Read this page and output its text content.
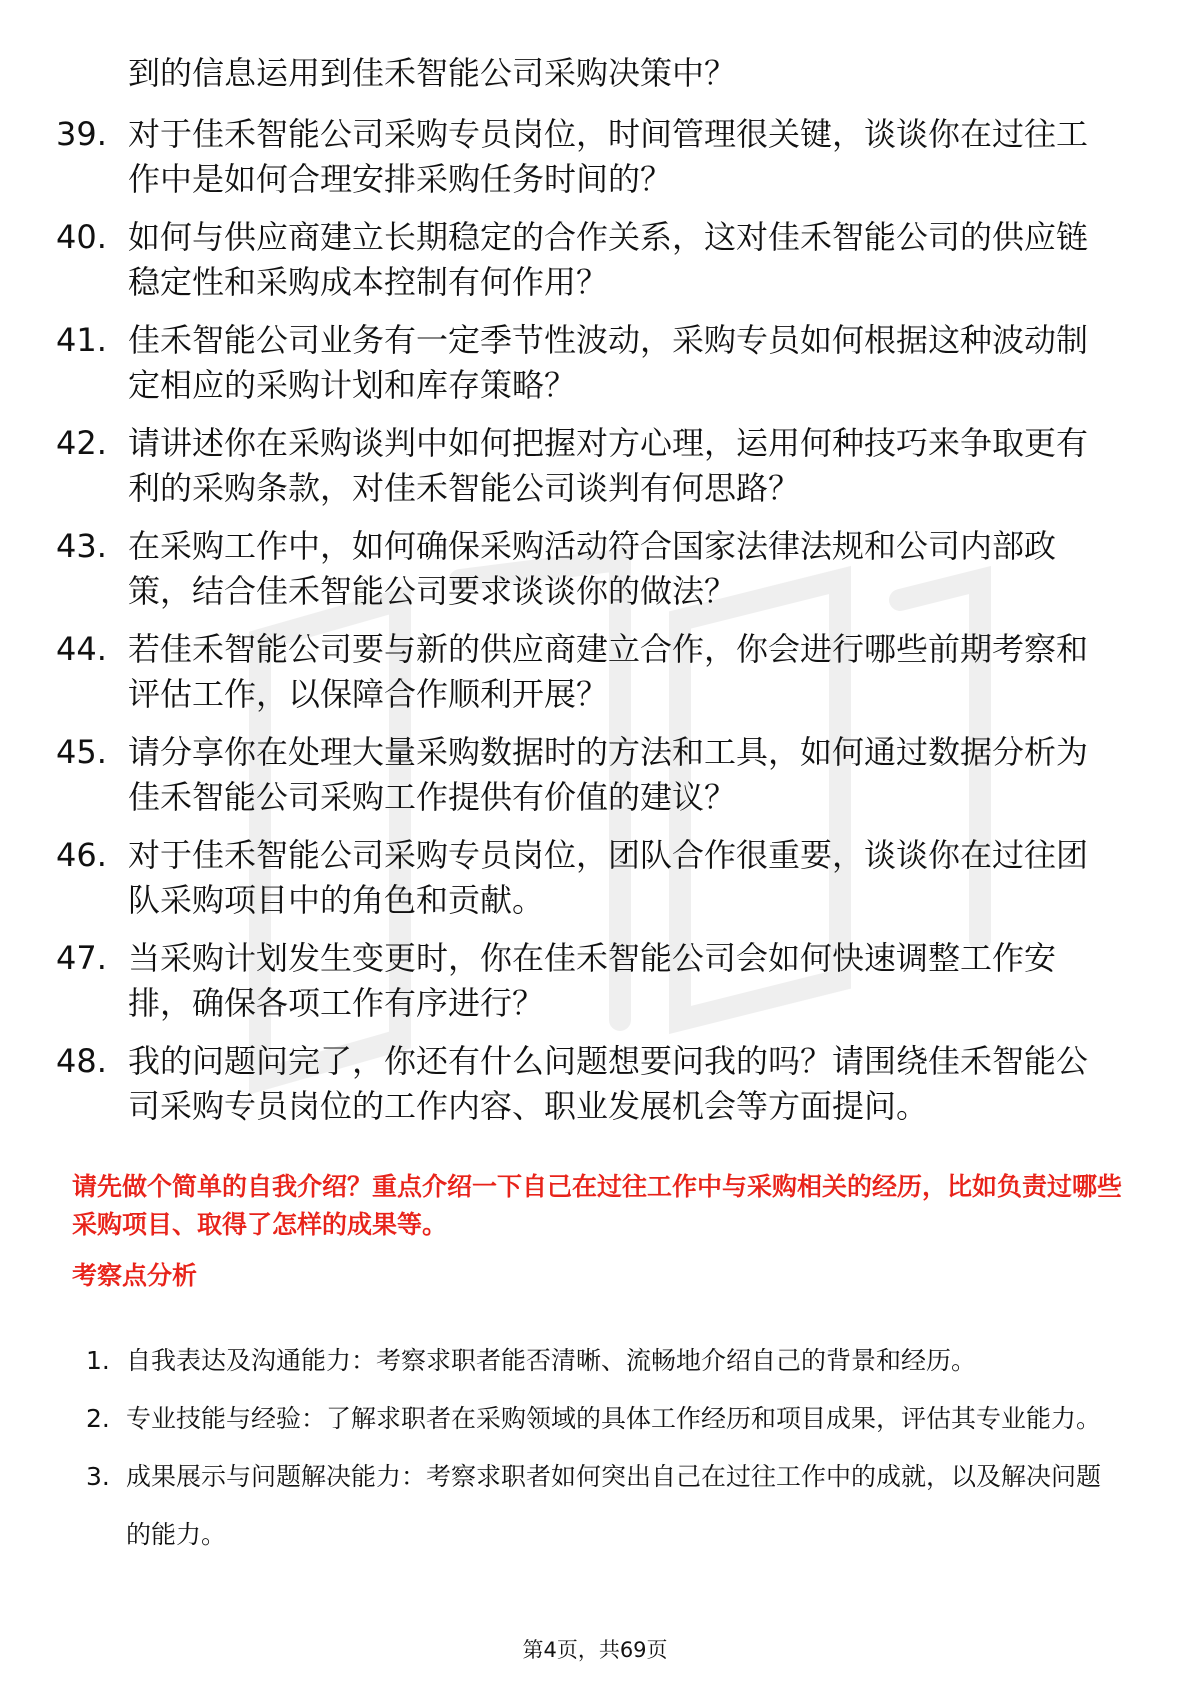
到的信息运用到佳禾智能公司采购决策中？
39. 对于佳禾智能公司采购专员岗位，时间管理很关键，谈谈你在过往工作中是如何合理安排采购任务时间的？
40. 如何与供应商建立长期稳定的合作关系，这对佳禾智能公司的供应链稳定性和采购成本控制有何作用？
41. 佳禾智能公司业务有一定季节性波动，采购专员如何根据这种波动制定相应的采购计划和库存策略？
42. 请讲述你在采购谈判中如何把握对方心理，运用何种技巧来争取更有利的采购条款，对佳禾智能公司谈判有何思路？
43. 在采购工作中，如何确保采购活动符合国家法律法规和公司内部政策，结合佳禾智能公司要求谈谈你的做法？
44. 若佳禾智能公司要与新的供应商建立合作，你会进行哪些前期考察和评估工作，以保障合作顺利开展？
45. 请分享你在处理大量采购数据时的方法和工具，如何通过数据分析为佳禾智能公司采购工作提供有价值的建议？
46. 对于佳禾智能公司采购专员岗位，团队合作很重要，谈谈你在过往团队采购项目中的角色和贡献。
47. 当采购计划发生变更时，你在佳禾智能公司会如何快速调整工作安排，确保各项工作有序进行？
48. 我的问题问完了，你还有什么问题想要问我的吗？请围绕佳禾智能公司采购专员岗位的工作内容、职业发展机会等方面提问。
请先做个简单的自我介绍？重点介绍一下自己在过往工作中与采购相关的经历，比如负责过哪些采购项目、取得了怎样的成果等。
考察点分析
1. 自我表达及沟通能力：考察求职者能否清晰、流畅地介绍自己的背景和经历。
2. 专业技能与经验：了解求职者在采购领域的具体工作经历和项目成果，评估其专业能力。
3. 成果展示与问题解决能力：考察求职者如何突出自己在过往工作中的成就，以及解决问题的能力。
第4页，共69页
